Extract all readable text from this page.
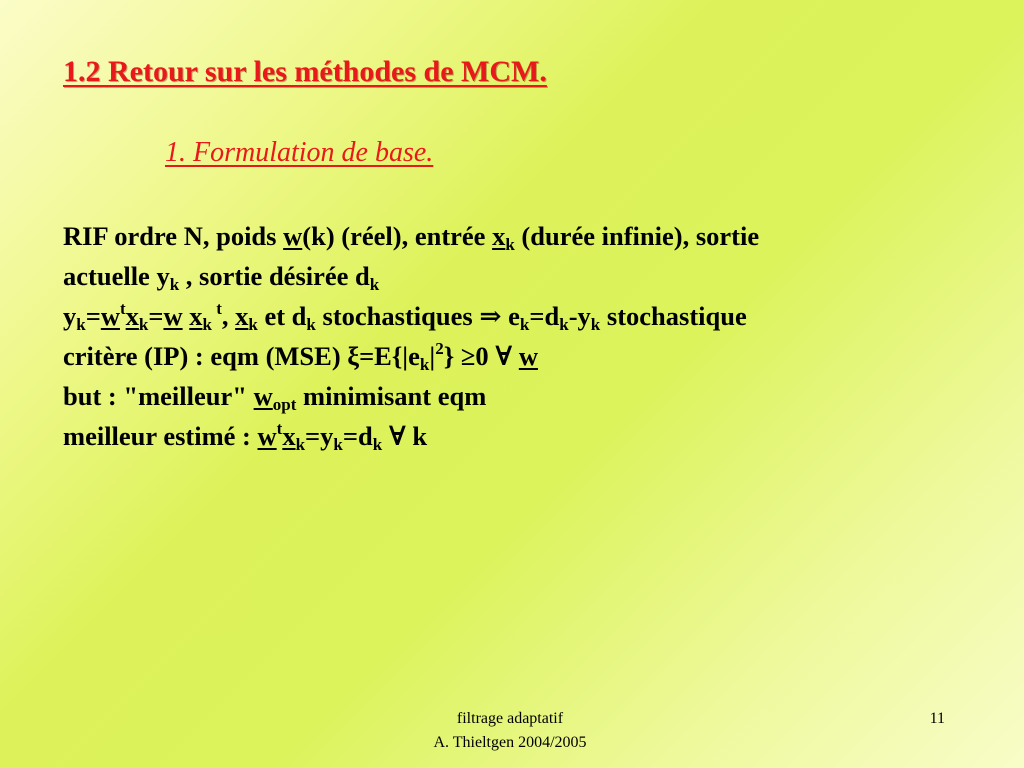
1.2 Retour sur les méthodes de MCM.
1. Formulation de base.
RIF ordre N, poids w(k) (réel), entrée $x_k$ (durée infinie), sortie
actuelle $y_k$ , sortie désirée $d_k$
$y_k=w^tx_k=w$ $x_k$ $^t$, $x_k$ et $d_k$ stochastiques ⇒ $e_k=d_k-y_k$ stochastique
critère (IP) : eqm (MSE) $\xi=E\{|e_k|^2\} \ge 0$ ∀ w
but : "meilleur" $w_{opt}$ minimisant eqm
meilleur estimé : $w^tx_k=y_k=d_k$ ∀ k
filtrage adaptatif
A. Thieltgen 2004/2005
11
